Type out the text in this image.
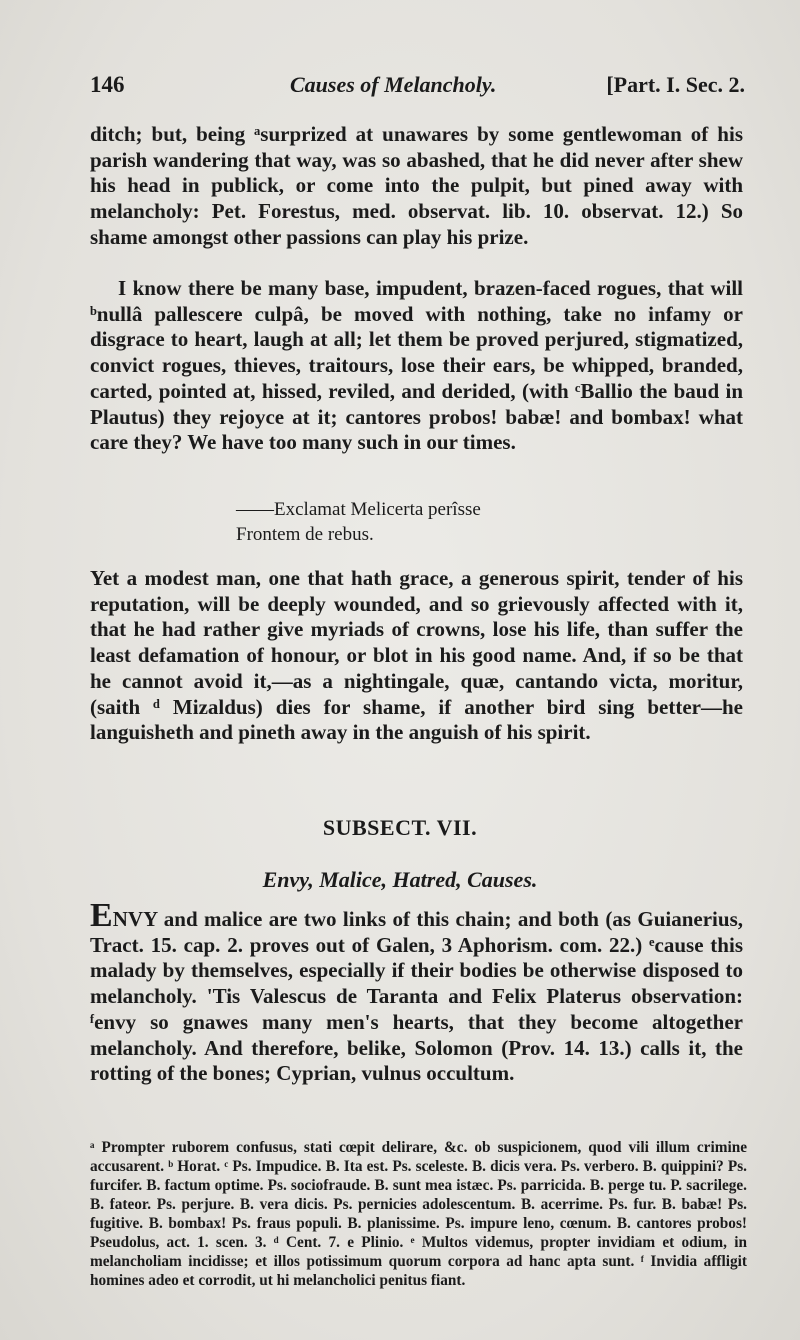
146	Causes of Melancholy.	[Part. I. Sec. 2.

ditch; but, being ᵃsurprized at unawares by some gentlewoman of his parish wandering that way, was so abashed, that he did never after shew his head in publick, or come into the pulpit, but pined away with melancholy: Pet. Forestus, med. observat. lib. 10. observat. 12.) So shame amongst other passions can play his prize.

I know there be many base, impudent, brazen-faced rogues, that will ᵇnullâ pallescere culpâ, be moved with nothing, take no infamy or disgrace to heart, laugh at all; let them be proved perjured, stigmatized, convict rogues, thieves, traitours, lose their ears, be whipped, branded, carted, pointed at, hissed, reviled, and derided, (with ᶜBallio the baud in Plautus) they rejoyce at it; cantores probos! babæ! and bombax! what care they? We have too many such in our times.

——Exclamat Melicerta perîsse
Frontem de rebus.

Yet a modest man, one that hath grace, a generous spirit, tender of his reputation, will be deeply wounded, and so grievously affected with it, that he had rather give myriads of crowns, lose his life, than suffer the least defamation of honour, or blot in his good name. And, if so be that he cannot avoid it,—as a nightingale, quæ, cantando victa, moritur, (saith ᵈ Mizaldus) dies for shame, if another bird sing better—he languisheth and pineth away in the anguish of his spirit.

SUBSECT. VII.
Envy, Malice, Hatred, Causes.

ENVY and malice are two links of this chain; and both (as Guianerius, Tract. 15. cap. 2. proves out of Galen, 3 Aphorism. com. 22.) ᵉcause this malady by themselves, especially if their bodies be otherwise disposed to melancholy. 'Tis Valescus de Taranta and Felix Platerus observation: ᶠenvy so gnawes many men's hearts, that they become altogether melancholy. And therefore, belike, Solomon (Prov. 14. 13.) calls it, the rotting of the bones; Cyprian, vulnus occultum.

ᵃ Prompter ruborem confusus, stati cœpit delirare, &c. ob suspicionem, quod vili illum crimine accusarent. ᵇ Horat. ᶜ Ps. Impudice. B. Ita est. Ps. sceleste. B. dicis vera. Ps. verbero. B. quippini? Ps. furcifer. B. factum optime. Ps. sociofraude. B. sunt mea istæc. Ps. parricida. B. perge tu. P. sacrilege. B. fateor. Ps. perjure. B. vera dicis. Ps. pernicies adolescentum. B. acerrime. Ps. fur. B. babæ! Ps. fugitive. B. bombax! Ps. fraus populi. B. planissime. Ps. impure leno, cœnum. B. cantores probos! Pseudolus, act. 1. scen. 3. ᵈ Cent. 7. e Plinio. ᵉ Multos videmus, propter invidiam et odium, in melancholiam incidisse; et illos potissimum quorum corpora ad hanc apta sunt. ᶠ Invidia affligit homines adeo et corrodit, ut hi melancholici penitus fiant.
